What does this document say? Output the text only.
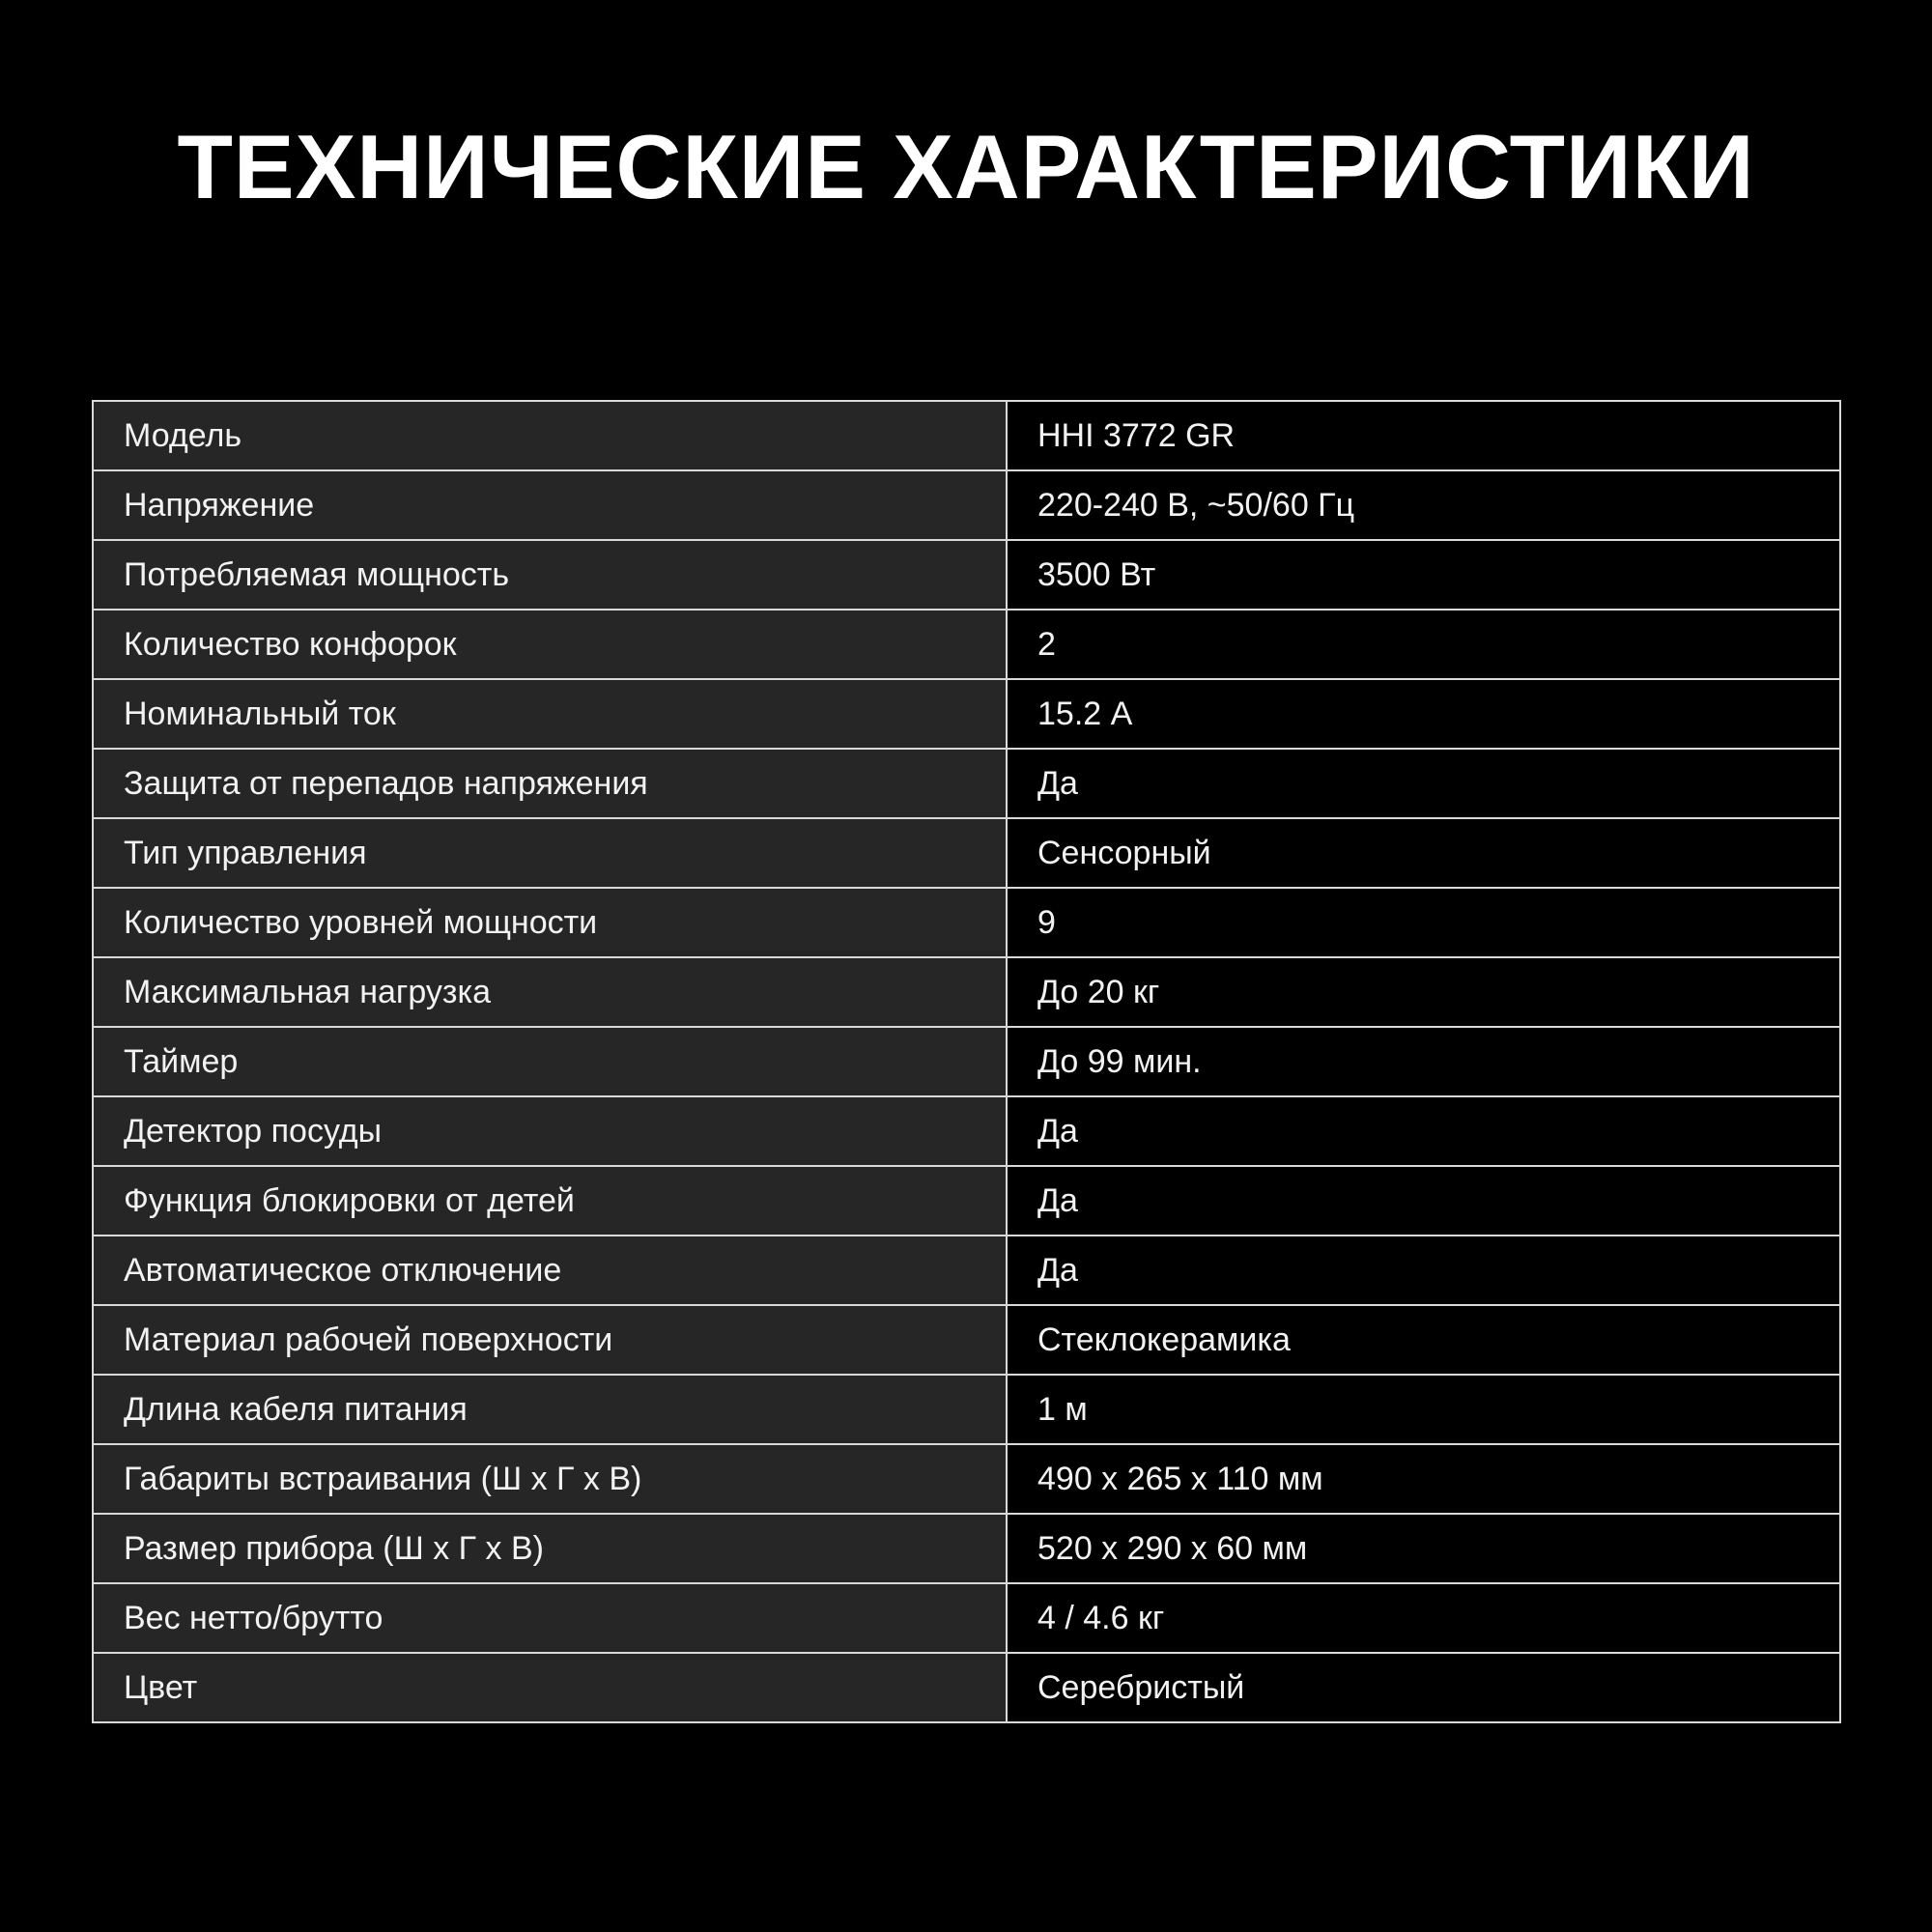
ТЕХНИЧЕСКИЕ ХАРАКТЕРИСТИКИ
Модель	HHI 3772 GR
Напряжение	220-240 В, ~50/60 Гц
Потребляемая мощность	3500 Вт
Количество конфорок	2
Номинальный ток	15.2 А
Защита от перепадов напряжения	Да
Тип управления	Сенсорный
Количество уровней мощности	9
Максимальная нагрузка	До 20 кг
Таймер	До 99 мин.
Детектор посуды	Да
Функция блокировки от детей	Да
Автоматическое отключение	Да
Материал рабочей поверхности	Стеклокерамика
Длина кабеля питания	1 м
Габариты встраивания (Ш х Г х В)	490 х 265 х 110 мм
Размер прибора (Ш х Г х В)	520 х 290 х 60 мм
Вес нетто/брутто	4 / 4.6 кг
Цвет	Серебристый
